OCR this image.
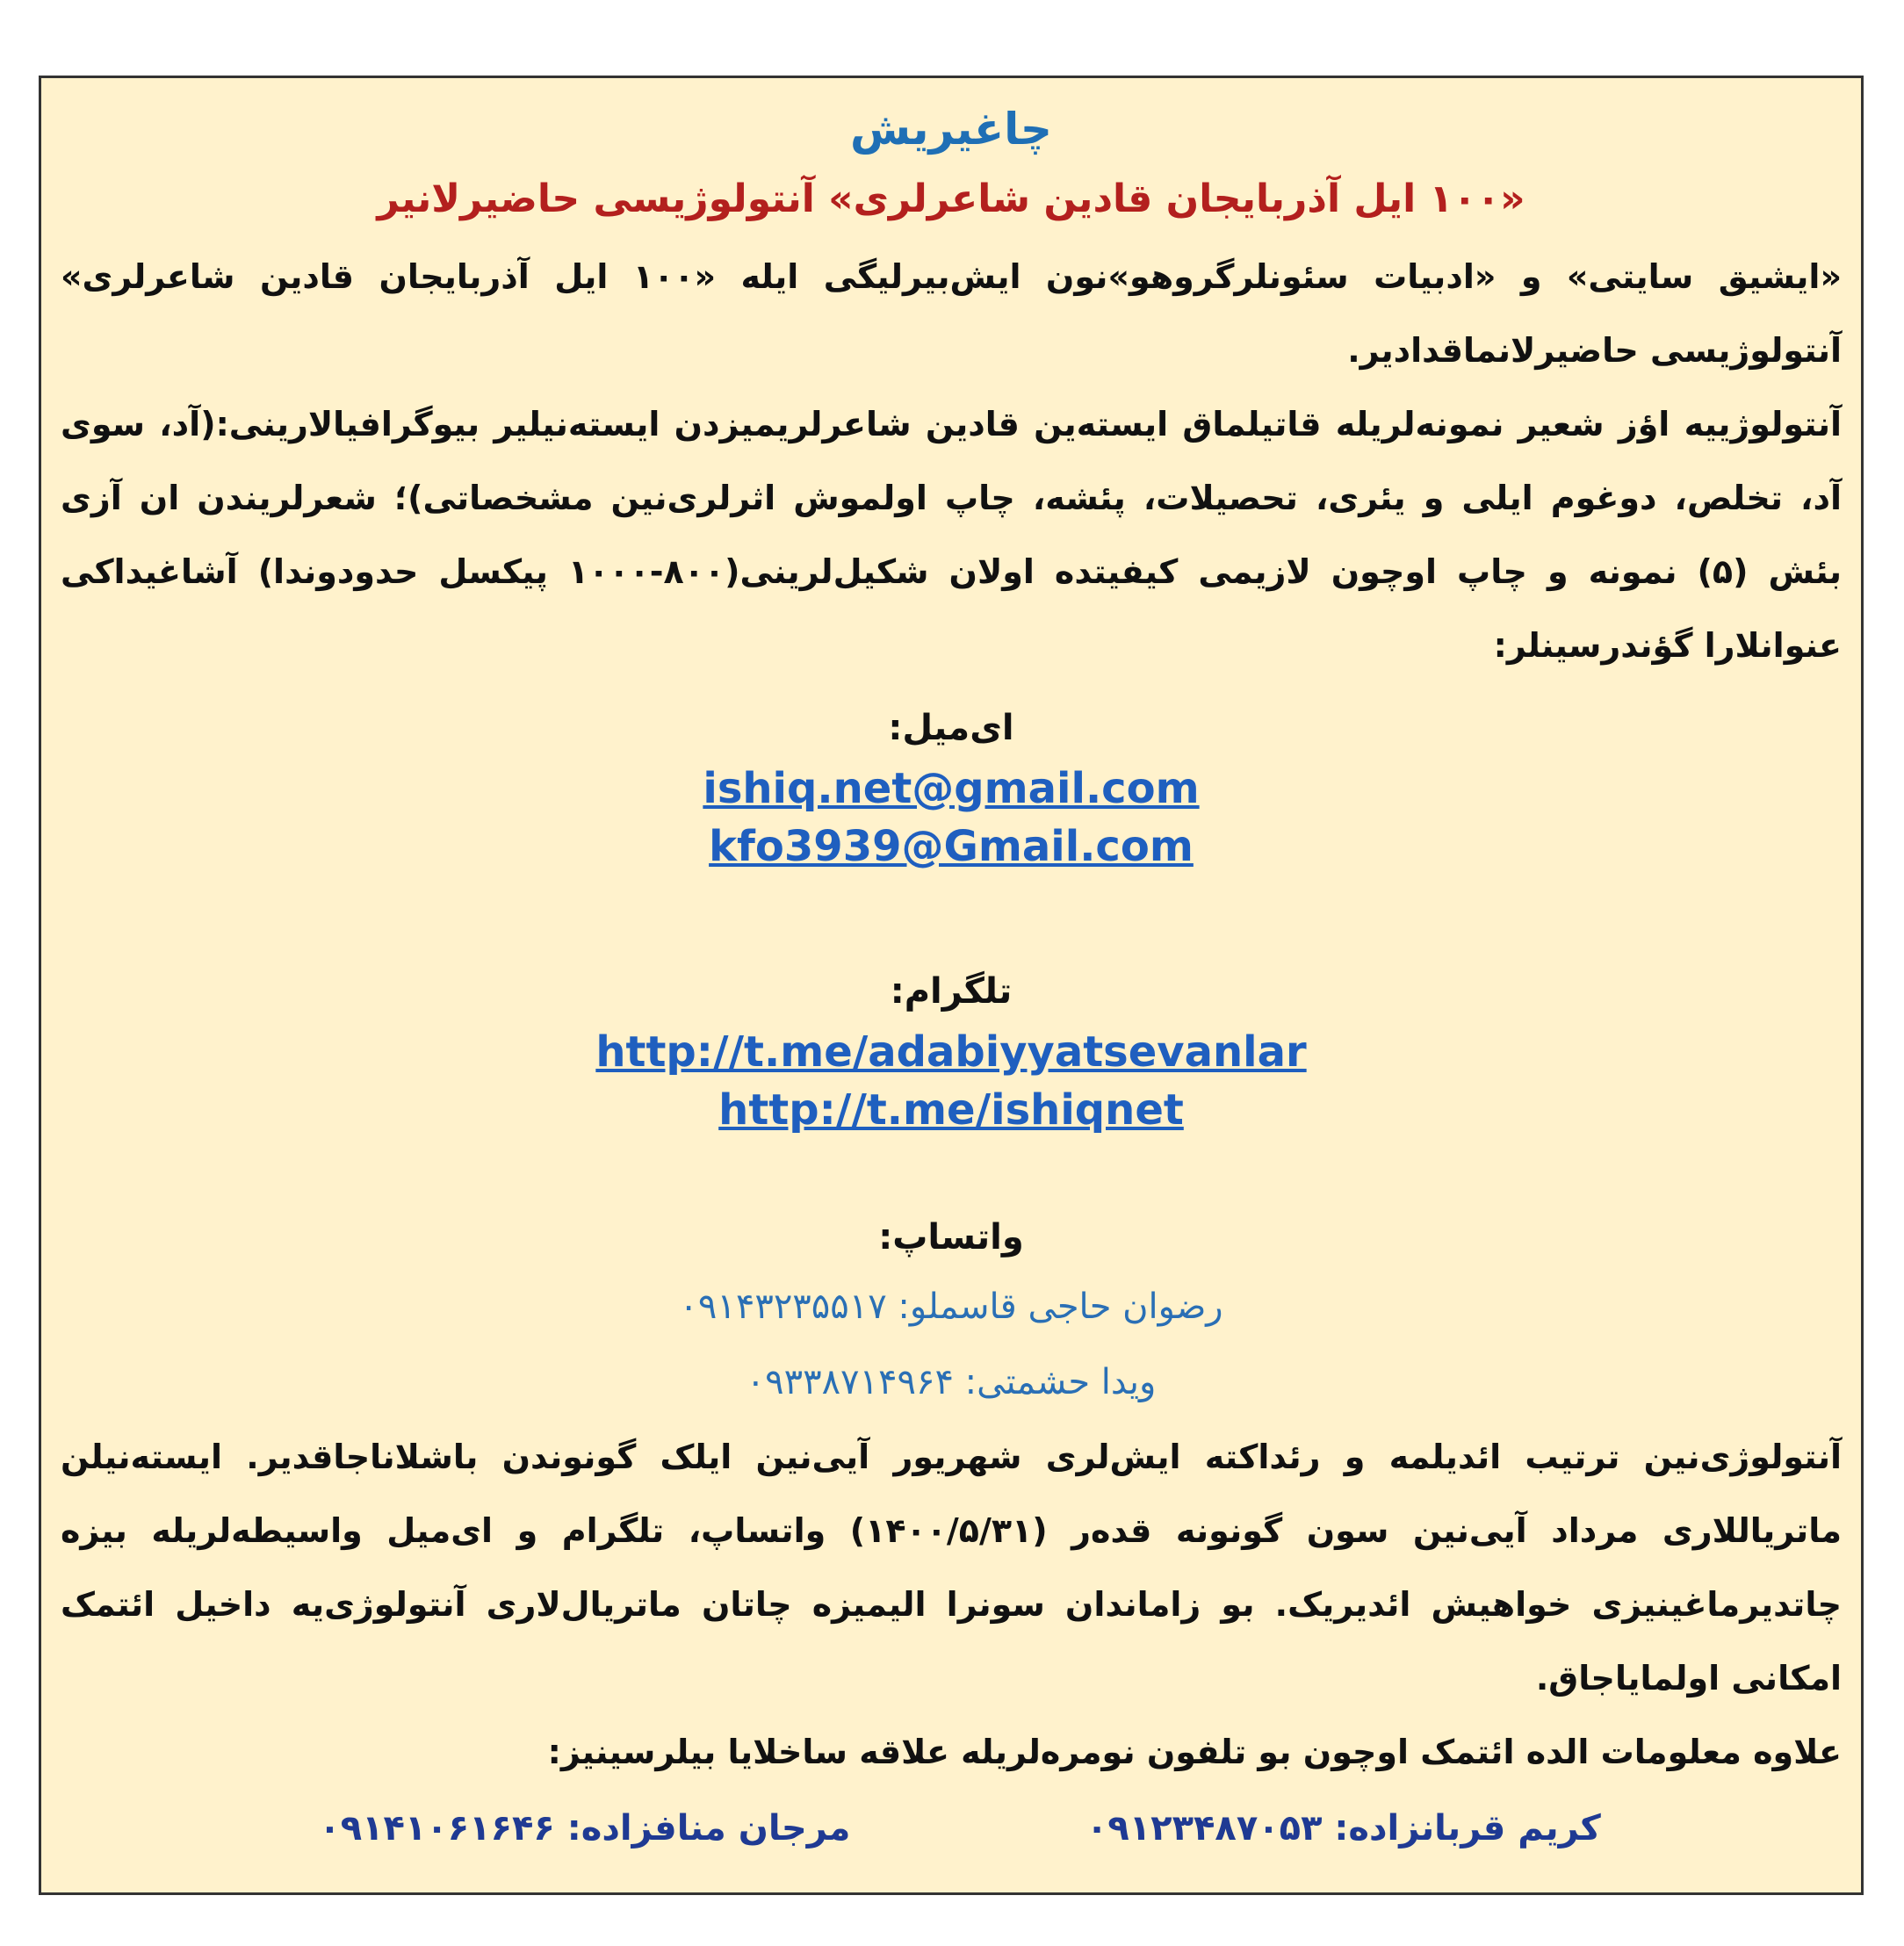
چاغیریش
«۱۰۰ ایل آذربایجان قادین شاعرلری» آنتولوژیسی حاضیرلانیر

«ایشیق سایتی» و «ادبیات سئونلرگروهو»نون ایش‌بیرلیگی ایله «۱۰۰ ایل آذربایجان قادین شاعرلری» آنتولوژیسی حاضیرلانماقدادیر.

آنتولوژییه اؤز شعیر نمونه‌لریله قاتیلماق ایسته‌ین قادین شاعرلریمیزدن ایسته‌نیلیر بیوگرافیالارینی:(آد، سوی آد، تخلص، دوغوم ایلی و یئری، تحصیلات، پئشه، چاپ اولموش اثرلری‌نین مشخصاتی)؛ شعرلریندن ان آزی بئش (۵) نمونه و چاپ اوچون لازیمی کیفیتده اولان شکیل‌لرینی(۸۰۰-۱۰۰۰ پیکسل حدودوندا) آشاغیداکی عنوانلارا گؤندرسینلر:

ای‌میل:
ishiq.net@gmail.com
kfo3939@Gmail.com
تلگرام:
http://t.me/adabiyyatsevanlar
http://t.me/ishiqnet
واتساپ:

رضوان حاجی قاسملو: ۰۹۱۴۳۲۳۵۵۱۷

ویدا حشمتی: ۰۹۳۳۸۷۱۴۹۶۴

آنتولوژی‌نین ترتیب ائدیلمه و رئداکته ایش‌لری شهریور آیی‌نین ایلک گونوندن باشلاناجاقدیر. ایسته‌نیلن ماتریاللاری مرداد آیی‌نین سون گونونه قده‌ر (۱۴۰۰/۵/۳۱) واتساپ، تلگرام و ای‌میل واسیطه‌لریله بیزه چاتدیرماغینیزی خواهیش ائدیریک. بو زاماندان سونرا الیمیزه چاتان ماتریال‌لاری آنتولوژی‌یه داخیل ائتمک امکانی اولمایاجاق.

علاوه معلومات الده ائتمک اوچون بو تلفون نومره‌لریله علاقه ساخلایا بیلرسینیز:

کریم قربانزاده: ۰۹۱۲۳۴۸۷۰۵۳
مرجان منافزاده: ۰۹۱۴۱۰۶۱۶۴۶
